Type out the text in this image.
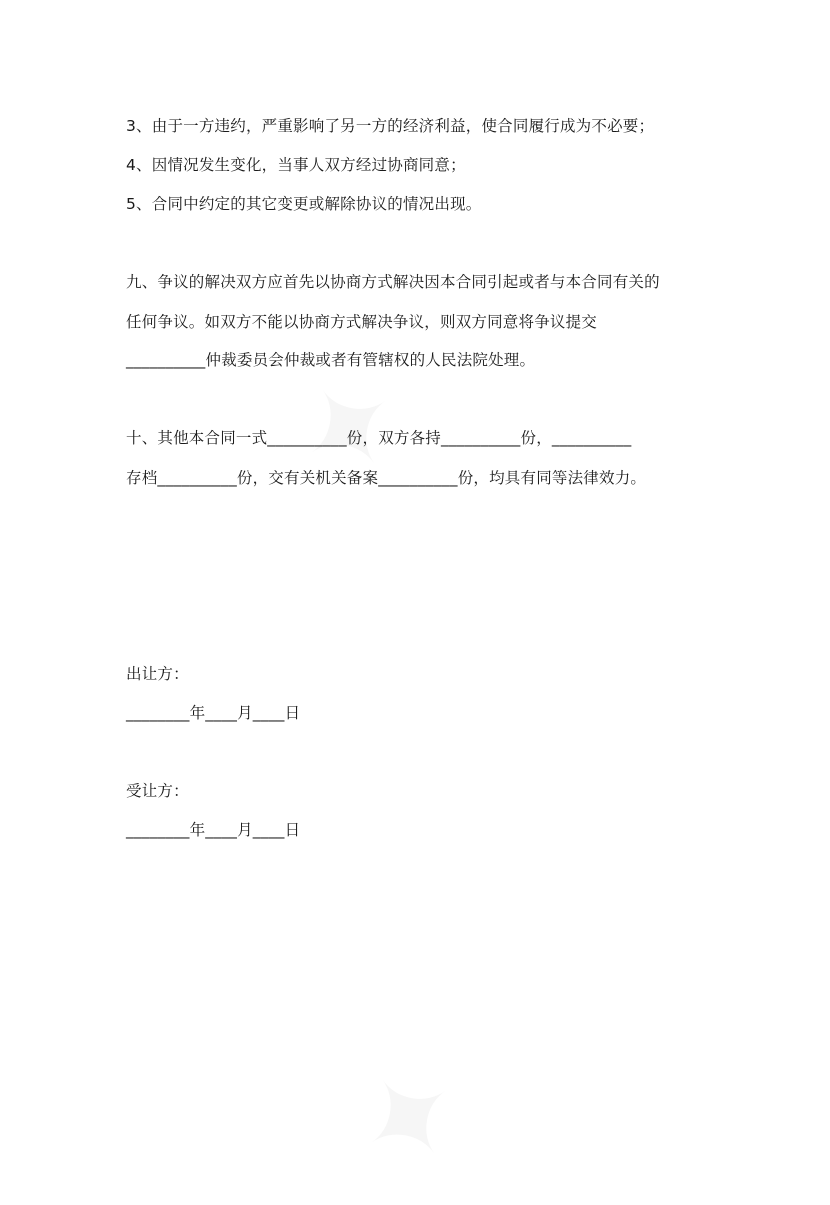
3、由于一方违约，严重影响了另一方的经济利益，使合同履行成为不必要；
4、因情况发生变化，当事人双方经过协商同意；
5、合同中约定的其它变更或解除协议的情况出现。
九、争议的解决双方应首先以协商方式解决因本合同引起或者与本合同有关的
任何争议。如双方不能以协商方式解决争议，则双方同意将争议提交
__________仲裁委员会仲裁或者有管辖权的人民法院处理。
十、其他本合同一式__________份，双方各持__________份，__________
存档__________份，交有关机关备案__________份，均具有同等法律效力。
出让方：
________年____月____日
受让方：
________年____月____日
